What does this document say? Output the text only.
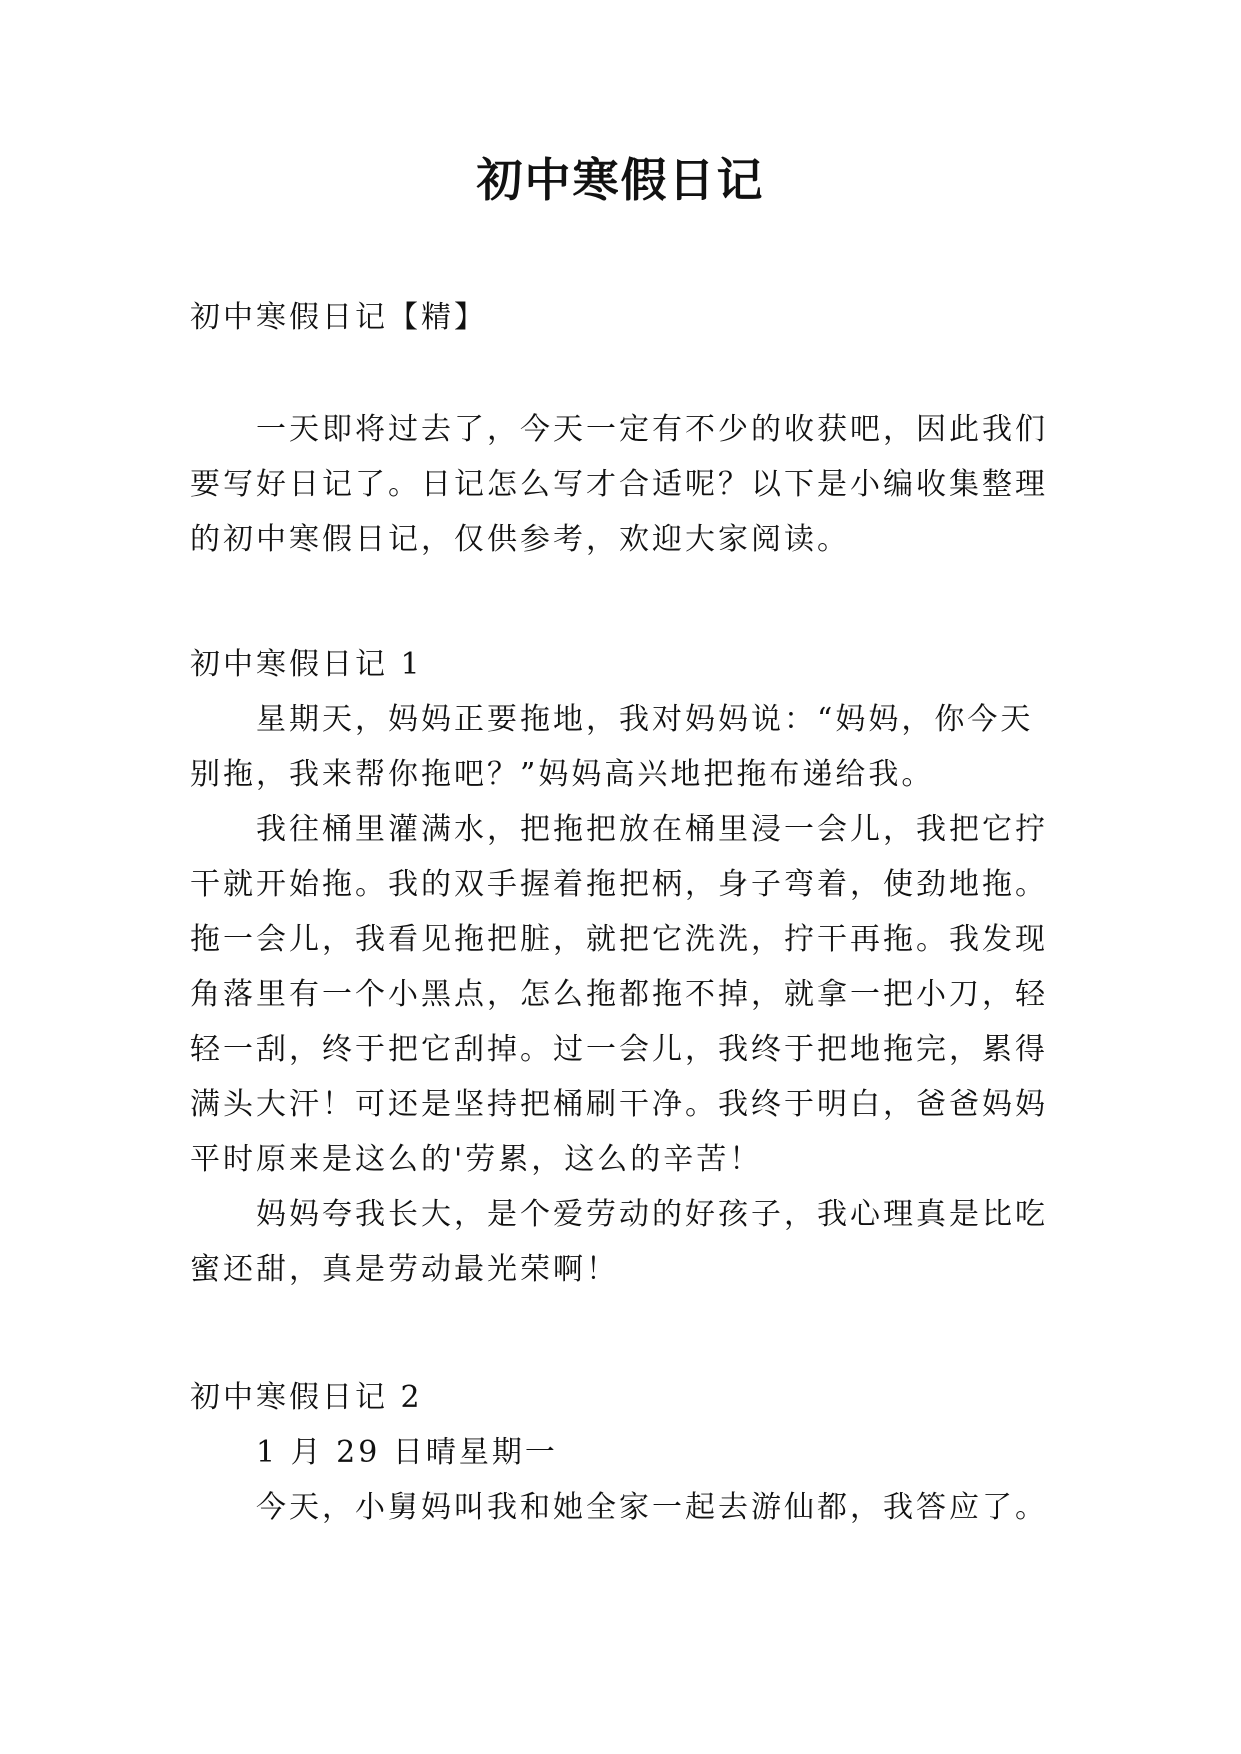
初中寒假日记
初中寒假日记【精】
一天即将过去了，今天一定有不少的收获吧，因此我们
要写好日记了。日记怎么写才合适呢？以下是小编收集整理
的初中寒假日记，仅供参考，欢迎大家阅读。
初中寒假日记 1
星期天，妈妈正要拖地，我对妈妈说：“妈妈，你今天
别拖，我来帮你拖吧？”妈妈高兴地把拖布递给我。
我往桶里灌满水，把拖把放在桶里浸一会儿，我把它拧
干就开始拖。我的双手握着拖把柄，身子弯着，使劲地拖。
拖一会儿，我看见拖把脏，就把它洗洗，拧干再拖。我发现
角落里有一个小黑点，怎么拖都拖不掉，就拿一把小刀，轻
轻一刮，终于把它刮掉。过一会儿，我终于把地拖完，累得
满头大汗！可还是坚持把桶刷干净。我终于明白，爸爸妈妈
平时原来是这么的'劳累，这么的辛苦！
妈妈夸我长大，是个爱劳动的好孩子，我心理真是比吃
蜜还甜，真是劳动最光荣啊！
初中寒假日记 2
1 月 29 日晴星期一
今天，小舅妈叫我和她全家一起去游仙都，我答应了。
